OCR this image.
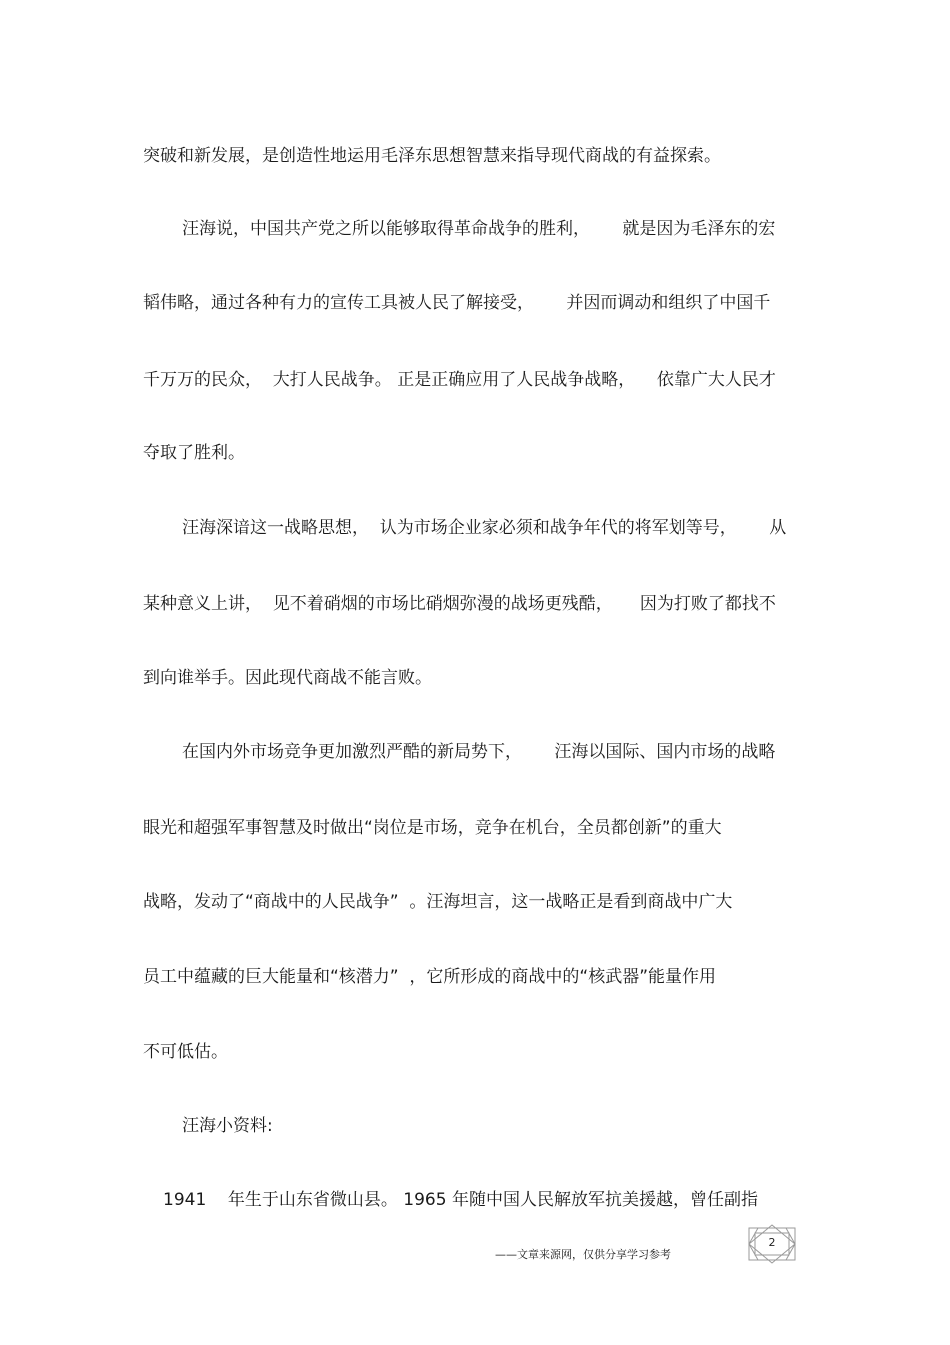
突破和新发展，是创造性地运用毛泽东思想智慧来指导现代商战的有益探索。

汪海说，中国共产党之所以能够取得革命战争的胜利，      就是因为毛泽东的宏

韬伟略，通过各种有力的宣传工具被人民了解接受，      并因而调动和组织了中国千

千万万的民众，  大打人民战争。 正是正确应用了人民战争战略，    依靠广大人民才

夺取了胜利。

汪海深谙这一战略思想，  认为市场企业家必须和战争年代的将军划等号，      从

某种意义上讲，  见不着硝烟的市场比硝烟弥漫的战场更残酷，     因为打败了都找不

到向谁举手。因此现代商战不能言败。

在国内外市场竞争更加激烈严酷的新局势下，      汪海以国际、国内市场的战略

眼光和超强军事智慧及时做出“岗位是市场，竞争在机台，全员都创新”的重大

战略，发动了“商战中的人民战争”  。汪海坦言，这一战略正是看到商战中广大

员工中蕴藏的巨大能量和“核潜力”  ，它所形成的商战中的“核武器”能量作用

不可低估。

汪海小资料:

1941    年生于山东省微山县。 1965 年随中国人民解放军抗美援越，曾任副指

——文章来源网，仅供分享学习参考
2
